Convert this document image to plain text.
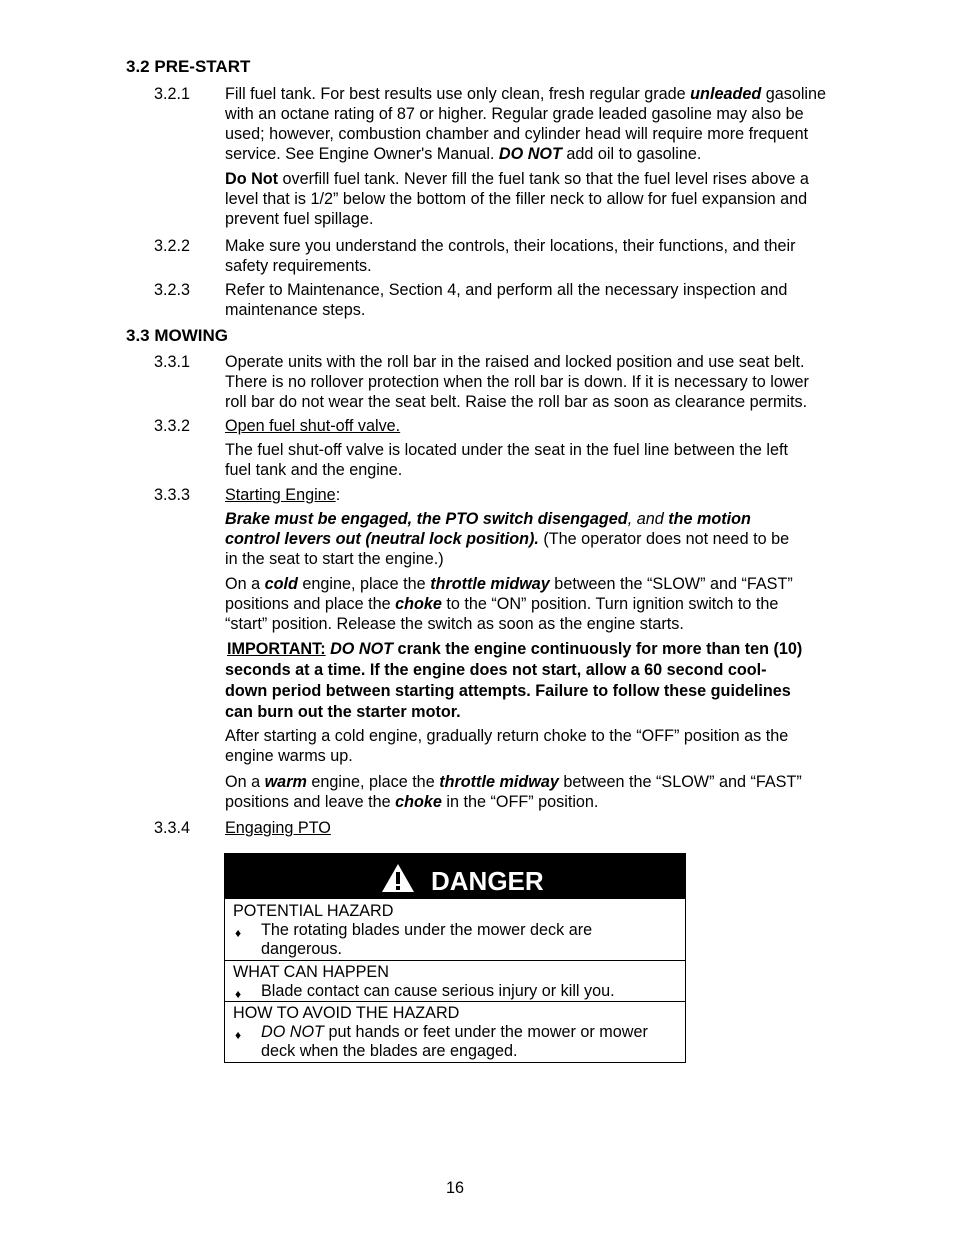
3.2 PRE-START
3.2.1 Fill fuel tank. For best results use only clean, fresh regular grade unleaded gasoline
with an octane rating of 87 or higher. Regular grade leaded gasoline may also be
used; however, combustion chamber and cylinder head will require more frequent
service. See Engine Owner's Manual. DO NOT add oil to gasoline.
Do Not overfill fuel tank. Never fill the fuel tank so that the fuel level rises above a
level that is 1/2” below the bottom of the filler neck to allow for fuel expansion and
prevent fuel spillage.
3.2.2 Make sure you understand the controls, their locations, their functions, and their
safety requirements.
3.2.3 Refer to Maintenance, Section 4, and perform all the necessary inspection and
maintenance steps.
3.3 MOWING
3.3.1 Operate units with the roll bar in the raised and locked position and use seat belt.
There is no rollover protection when the roll bar is down. If it is necessary to lower
roll bar do not wear the seat belt. Raise the roll bar as soon as clearance permits.
3.3.2 Open fuel shut-off valve.
The fuel shut-off valve is located under the seat in the fuel line between the left
fuel tank and the engine.
3.3.3 Starting Engine:
Brake must be engaged, the PTO switch disengaged, and the motion
control levers out (neutral lock position). (The operator does not need to be
in the seat to start the engine.)
On a cold engine, place the throttle midway between the “SLOW” and “FAST”
positions and place the choke to the “ON” position. Turn ignition switch to the
“start” position. Release the switch as soon as the engine starts.
IMPORTANT: DO NOT crank the engine continuously for more than ten (10)
seconds at a time. If the engine does not start, allow a 60 second cool-
down period between starting attempts. Failure to follow these guidelines
can burn out the starter motor.
After starting a cold engine, gradually return choke to the “OFF” position as the
engine warms up.
On a warm engine, place the throttle midway between the “SLOW” and “FAST”
positions and leave the choke in the “OFF” position.
3.3.4 Engaging PTO
DANGER
POTENTIAL HAZARD
♦ The rotating blades under the mower deck are
dangerous.
WHAT CAN HAPPEN
♦ Blade contact can cause serious injury or kill you.
HOW TO AVOID THE HAZARD
♦ DO NOT put hands or feet under the mower or mower
deck when the blades are engaged.
16
